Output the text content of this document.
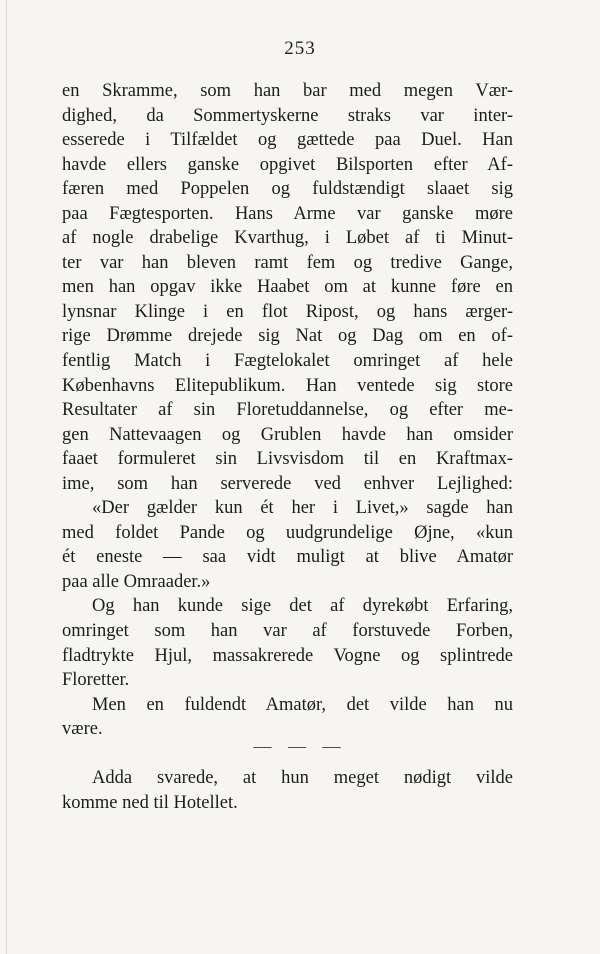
253
en Skramme, som han bar med megen Vær-
dighed, da Sommertyskerne straks var inter-
esserede i Tilfældet og gættede paa Duel. Han
havde ellers ganske opgivet Bilsporten efter Af-
færen med Poppelen og fuldstændigt slaaet sig
paa Fægtesporten. Hans Arme var ganske møre
af nogle drabelige Kvarthug, i Løbet af ti Minut-
ter var han bleven ramt fem og tredive Gange,
men han opgav ikke Haabet om at kunne føre en
lynsnar Klinge i en flot Ripost, og hans ærger-
rige Drømme drejede sig Nat og Dag om en of-
fentlig Match i Fægtelokalet omringet af hele
Københavns Elitepublikum. Han ventede sig store
Resultater af sin Floretuddannelse, og efter me-
gen Nattevaagen og Grublen havde han omsider
faaet formuleret sin Livsvisdom til en Kraftmax-
ime, som han serverede ved enhver Lejlighed:
«Der gælder kun ét her i Livet,» sagde han
med foldet Pande og uudgrundelige Øjne, «kun
ét eneste — saa vidt muligt at blive Amatør
paa alle Omraader.»
Og han kunde sige det af dyrekøbt Erfaring,
omringet som han var af forstuvede Forben,
fladtrykte Hjul, massakrerede Vogne og splintrede
Floretter.
Men en fuldendt Amatør, det vilde han nu
være.
— — —
Adda svarede, at hun meget nødigt vilde
komme ned til Hotellet.
